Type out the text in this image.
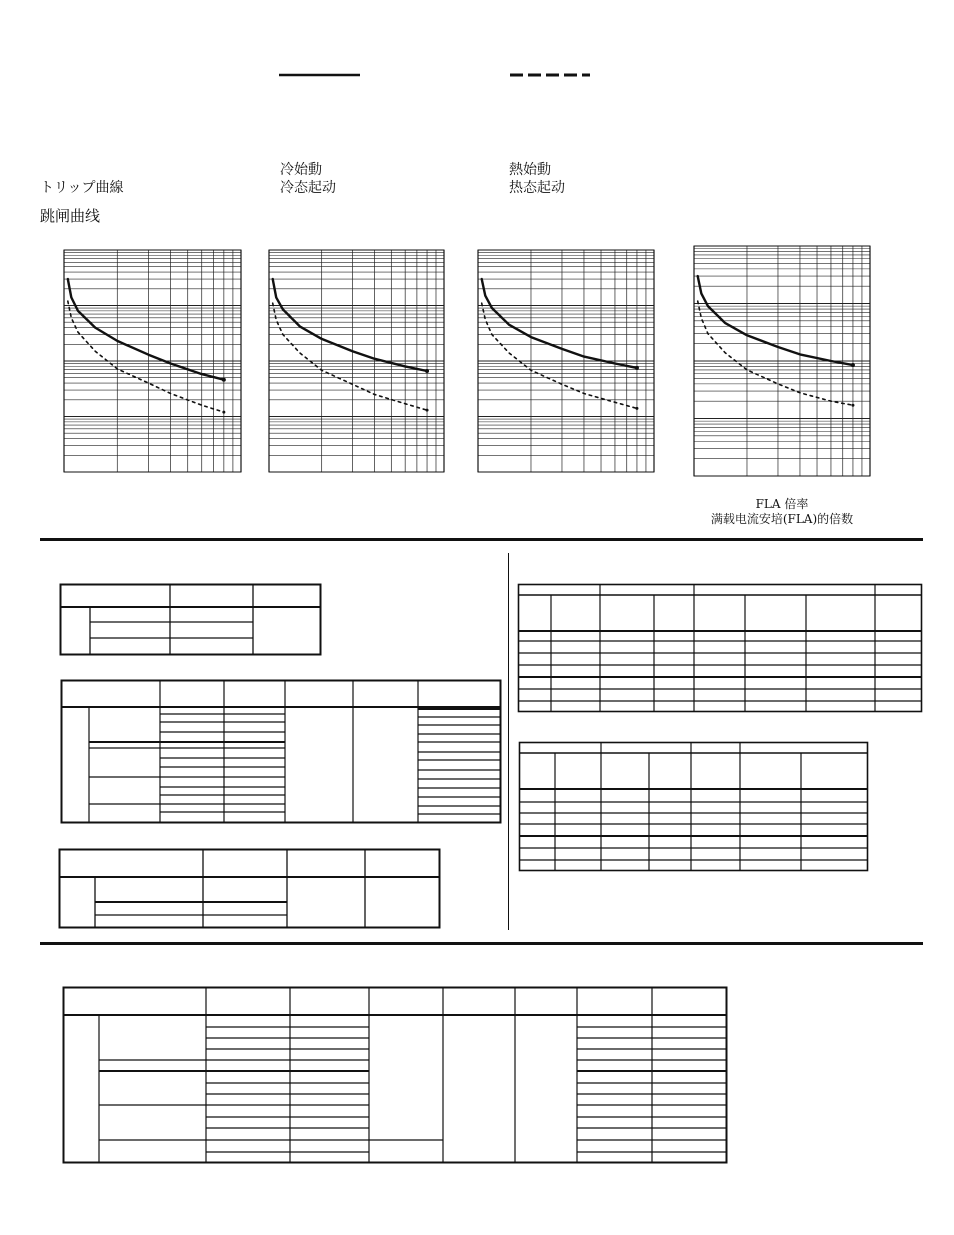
冷始動
冷态起动
熱始動
热态起动
トリップ曲線
跳闸曲线
FLA 倍率
满载电流安培(FLA)的倍数
